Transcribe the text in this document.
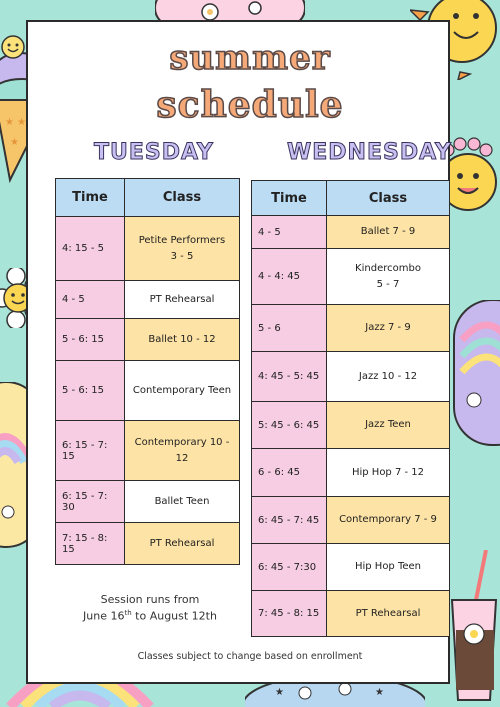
★ ★
★
★	★
summer
schedule
TUESDAY	WEDNESDAY
Time	Class
4: 15 - 5	Petite Performers
3 - 5
4 - 5	PT Rehearsal
5 - 6: 15	Ballet 10 - 12
5 - 6: 15	Contemporary Teen
6: 15 - 7: 15	Contemporary 10 - 12
6: 15 - 7: 30	Ballet Teen
7: 15 - 8: 15	PT Rehearsal
Time	Class
4 - 5	Ballet 7 - 9
4 - 4: 45	Kindercombo
5 - 7
5 - 6	Jazz 7 - 9
4: 45 - 5: 45	Jazz 10 - 12
5: 45 - 6: 45	Jazz Teen
6 - 6: 45	Hip Hop 7 - 12
6: 45 - 7: 45	Contemporary 7 - 9
6: 45 - 7:30	Hip Hop Teen
7: 45 - 8: 15	PT Rehearsal
Session runs from
June 16th to August 12th
Classes subject to change based on enrollment
